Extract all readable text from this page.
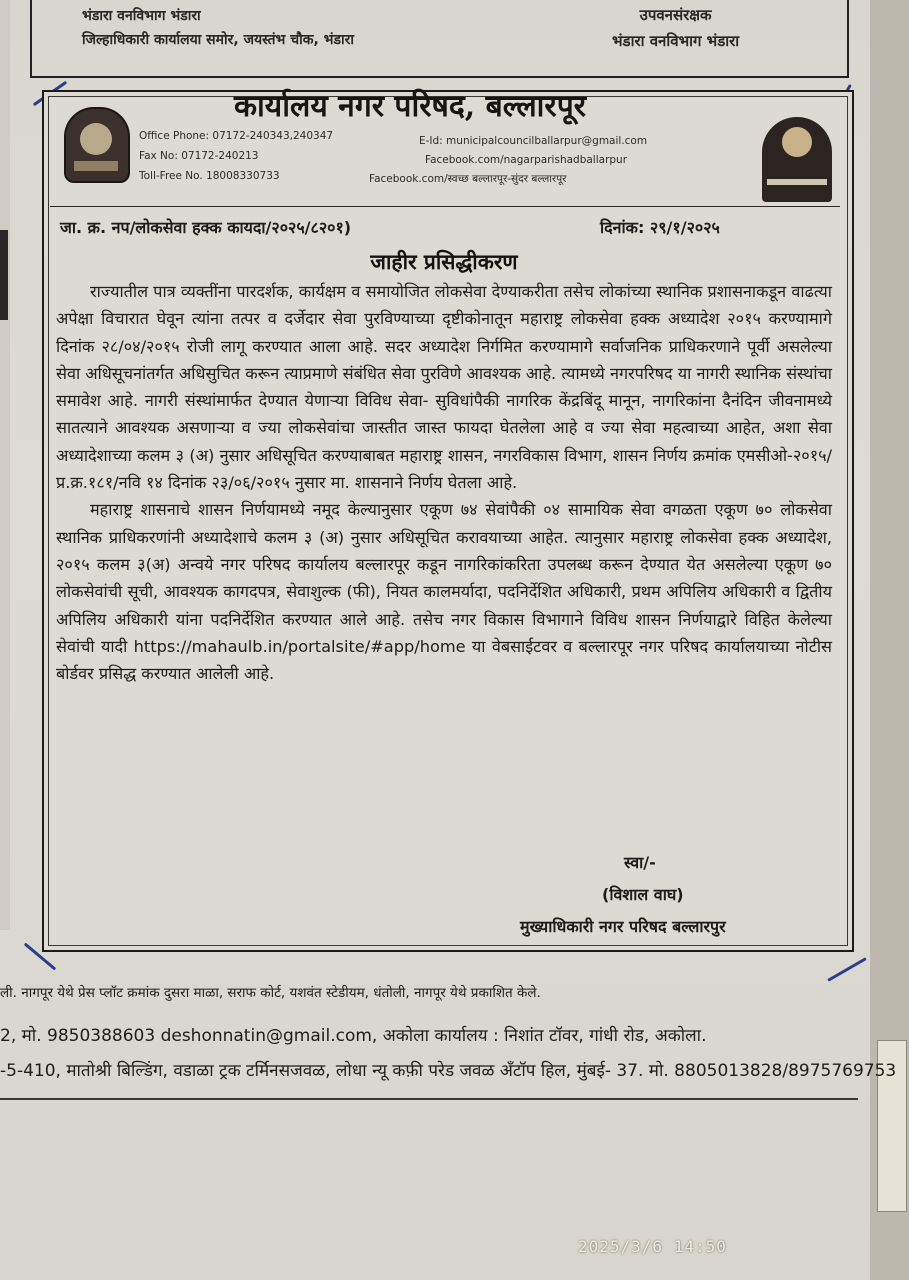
भंडारा वनविभाग भंडारा
जिल्हाधिकारी कार्यालया समोर, जयस्तंभ चौक, भंडारा
उपवनसंरक्षक
भंडारा वनविभाग भंडारा
कार्यालय नगर परिषद, बल्लारपूर
Office Phone: 07172-240343,240347
Fax No: 07172-240213
Toll-Free No. 18008330733
E-Id: municipalcouncilballarpur@gmail.com
Facebook.com/nagarparishadballarpur
Facebook.com/स्वच्छ बल्लारपूर-सुंदर बल्लारपूर
जा. क्र. नप/लोकसेवा हक्क कायदा/२०२५/८२०१)	दिनांक: २९/१/२०२५
जाहीर प्रसिद्धीकरण

राज्यातील पात्र व्यक्तींना पारदर्शक, कार्यक्षम व समायोजित लोकसेवा देण्याकरीता तसेच लोकांच्या स्थानिक प्रशासनाकडून वाढत्या अपेक्षा विचारात घेवून त्यांना तत्पर व दर्जेदार सेवा पुरविण्याच्या दृष्टीकोनातून महाराष्ट्र लोकसेवा हक्क अध्यादेश २०१५ करण्यामागे दिनांक २८/०४/२०१५ रोजी लागू करण्यात आला आहे. सदर अध्यादेश निर्गमित करण्यामागे सर्वाजनिक प्राधिकरणाने पूर्वी असलेल्या सेवा अधिसूचनांतर्गत अधिसुचित करून त्याप्रमाणे संबंधित सेवा पुरविणे आवश्यक आहे. त्यामध्ये नगरपरिषद या नागरी स्थानिक संस्थांचा समावेश आहे. नागरी संस्थांमार्फत देण्यात येणाऱ्या विविध सेवा- सुविधांपैकी नागरिक केंद्रबिंदू मानून, नागरिकांना दैनंदिन जीवनामध्ये सातत्याने आवश्यक असणाऱ्या व ज्या लोकसेवांचा जास्तीत जास्त फायदा घेतलेला आहे व ज्या सेवा महत्वाच्या आहेत, अशा सेवा अध्यादेशाच्या कलम ३ (अ) नुसार अधिसूचित करण्याबाबत महाराष्ट्र शासन, नगरविकास विभाग, शासन निर्णय क्रमांक एमसीओ-२०१५/प्र.क्र.१८१/नवि १४ दिनांक २३/०६/२०१५ नुसार मा. शासनाने निर्णय घेतला आहे.

महाराष्ट्र शासनाचे शासन निर्णयामध्ये नमूद केल्यानुसार एकूण ७४ सेवांपैकी ०४ सामायिक सेवा वगळता एकूण ७० लोकसेवा स्थानिक प्राधिकरणांनी अध्यादेशाचे कलम ३ (अ) नुसार अधिसूचित करावयाच्या आहेत. त्यानुसार महाराष्ट्र लोकसेवा हक्क अध्यादेश, २०१५ कलम ३(अ) अन्वये नगर परिषद कार्यालय बल्लारपूर कडून नागरिकांकरिता उपलब्ध करून देण्यात येत असलेल्या एकूण ७० लोकसेवांची सूची, आवश्यक कागदपत्र, सेवाशुल्क (फी), नियत कालमर्यादा, पदनिर्देशित अधिकारी, प्रथम अपिलिय अधिकारी व द्वितीय अपिलिय अधिकारी यांना पदनिर्देशित करण्यात आले आहे. तसेच नगर विकास विभागाने विविध शासन निर्णयाद्वारे विहित केलेल्या सेवांची यादी https://mahaulb.in/portalsite/#app/home या वेबसाईटवर व बल्लारपूर नगर परिषद कार्यालयाच्या नोटीस बोर्डवर प्रसिद्ध करण्यात आलेली आहे.

स्वा/-
(विशाल वाघ)
मुख्याधिकारी नगर परिषद बल्लारपुर
ली. नागपूर येथे प्रेस प्लॉट क्रमांक दुसरा माळा, सराफ कोर्ट, यशवंत स्टेडीयम, धंतोली, नागपूर येथे प्रकाशित केले.
2, मो. 9850388603 deshonnatin@gmail.com, अकोला कार्यालय : निशांत टॉवर, गांधी रोड, अकोला.
-5-410, मातोश्री बिल्डिंग, वडाळा ट्रक टर्मिनसजवळ, लोधा न्यू कफ़ी परेड जवळ अँटॉप हिल, मुंबई- 37. मो. 8805013828/8975769753
2025/3/6 14:50
